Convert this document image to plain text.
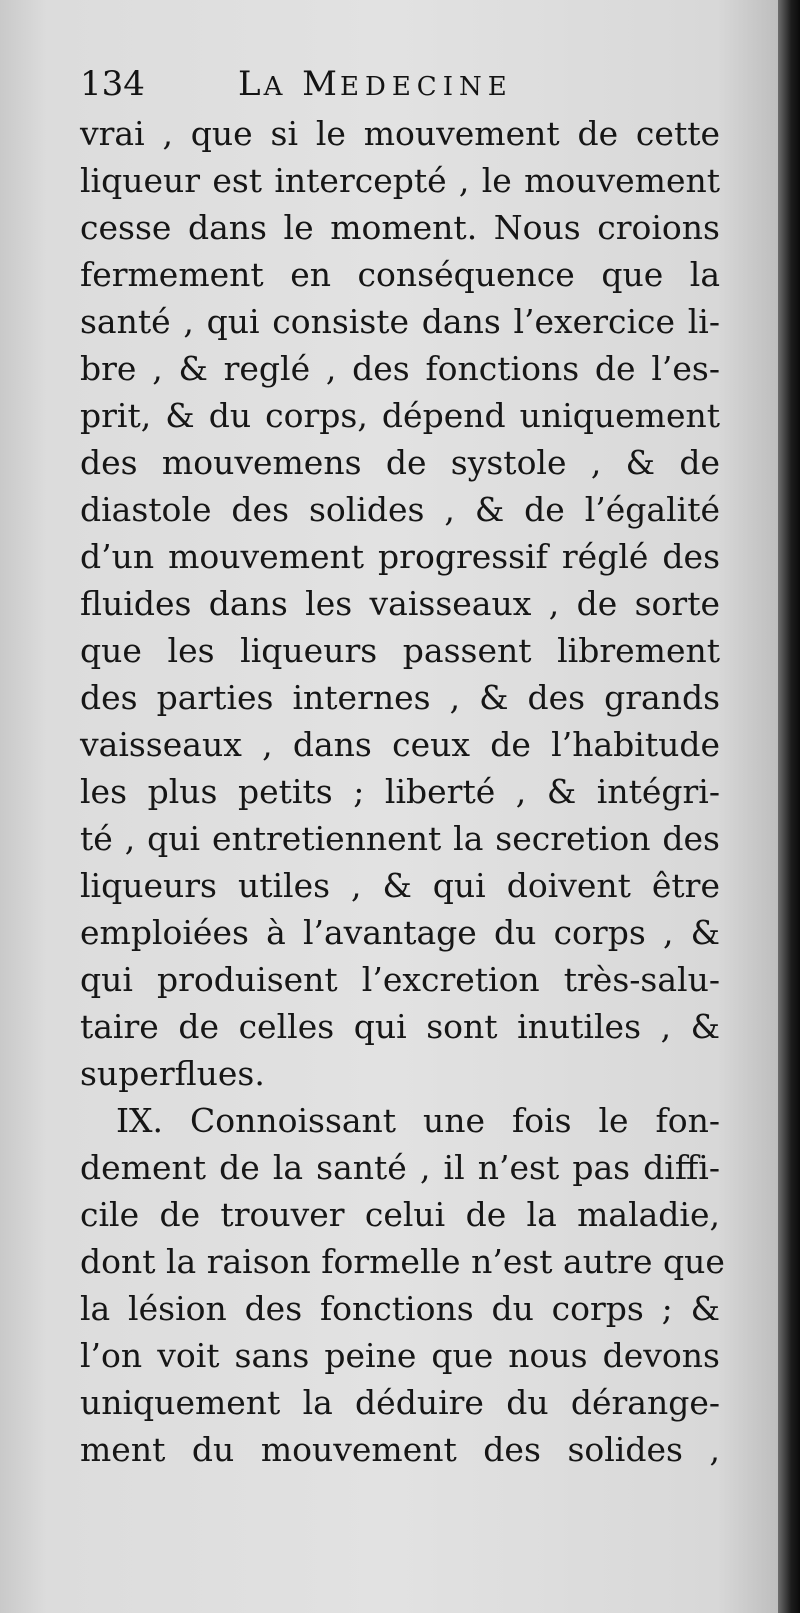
134	LA MEDECINE
vrai , que si le mouvement de cette
liqueur est intercepté , le mouvement
cesse dans le moment. Nous croions
fermement en conséquence que la
santé , qui consiste dans l’exercice li-
bre , & reglé , des fonctions de l’es-
prit, & du corps, dépend uniquement
des mouvemens de systole , & de
diastole des solides , & de l’égalité
d’un mouvement progressif réglé des
fluides dans les vaisseaux , de sorte
que les liqueurs passent librement
des parties internes , & des grands
vaisseaux , dans ceux de l’habitude
les plus petits ; liberté , & intégri-
té , qui entretiennent la secretion des
liqueurs utiles , & qui doivent être
emploiées à l’avantage du corps , &
qui produisent l’excretion très-salu-
taire de celles qui sont inutiles , &
superflues.
IX. Connoissant une fois le fon-
dement de la santé , il n’est pas diffi-
cile de trouver celui de la maladie,
dont la raison formelle n’est autre que
la lésion des fonctions du corps ; &
l’on voit sans peine que nous devons
uniquement la déduire du dérange-
ment du mouvement des solides ,
